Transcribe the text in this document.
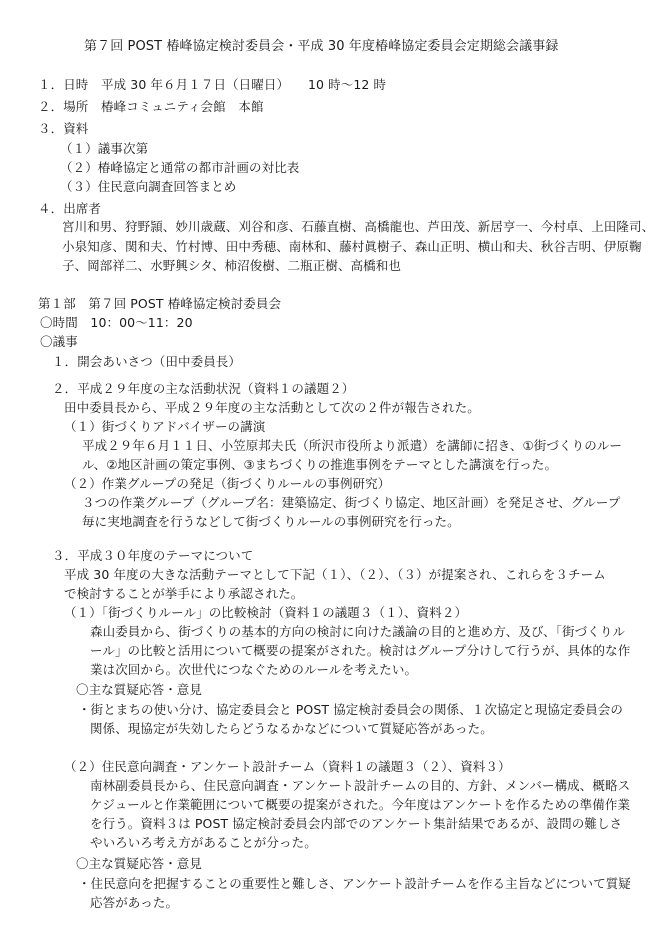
第７回 POST 椿峰協定検討委員会・平成 30 年度椿峰協定委員会定期総会議事録
１．日時　平成 30 年６月１７日（日曜日）　　10 時〜12 時
２．場所　椿峰コミュニティ会館　本館
３．資料
（１）議事次第
（２）椿峰協定と通常の都市計画の対比表
（３）住民意向調査回答まとめ
４．出席者
宮川和男、狩野頴、妙川歳蔵、刈谷和彦、石藤直樹、高橋龍也、芦田茂、新居亨一、今村卓、上田隆司、
小泉知彦、関和夫、竹村博、田中秀穂、南林和、藤村眞樹子、森山正明、横山和夫、秋谷吉明、伊原鞠
子、岡部祥二、水野興シタ、柿沼俊樹、二瓶正樹、高橋和也
第１部　第７回 POST 椿峰協定検討委員会
〇時間　10：00〜11：20
〇議事
１．開会あいさつ（田中委員長）
２．平成２９年度の主な活動状況（資料１の議題２）
田中委員長から、平成２９年度の主な活動として次の２件が報告された。
（１）街づくりアドバイザーの講演
平成２９年６月１１日、小笠原邦夫氏（所沢市役所より派遣）を講師に招き、①街づくりのルー
ル、②地区計画の策定事例、③まちづくりの推進事例をテーマとした講演を行った。
（２）作業グループの発足（街づくりルールの事例研究）
３つの作業グループ（グループ名：建築協定、街づくり協定、地区計画）を発足させ、グループ
毎に実地調査を行うなどして街づくりルールの事例研究を行った。
３．平成３０年度のテーマについて
平成 30 年度の大きな活動テーマとして下記（１）、（２）、（３）が提案され、これらを３チーム
で検討することが挙手により承認された。
（１）「街づくりルール」の比較検討（資料１の議題３（１）、資料２）
森山委員から、街づくりの基本的方向の検討に向けた議論の目的と進め方、及び、「街づくりル
ール」の比較と活用について概要の提案がされた。検討はグループ分けして行うが、具体的な作
業は次回から。次世代につなぐためのルールを考えたい。
〇主な質疑応答・意見
・街とまちの使い分け、協定委員会と POST 協定検討委員会の関係、１次協定と現協定委員会の
関係、現協定が失効したらどうなるかなどについて質疑応答があった。
（２）住民意向調査・アンケート設計チーム（資料１の議題３（２）、資料３）
南林副委員長から、住民意向調査・アンケート設計チームの目的、方針、メンバー構成、概略ス
ケジュールと作業範囲について概要の提案がされた。今年度はアンケートを作るための準備作業
を行う。資料３は POST 協定検討委員会内部でのアンケート集計結果であるが、設問の難しさ
やいろいろ考え方があることが分った。
〇主な質疑応答・意見
・住民意向を把握することの重要性と難しさ、アンケート設計チームを作る主旨などについて質疑
応答があった。
